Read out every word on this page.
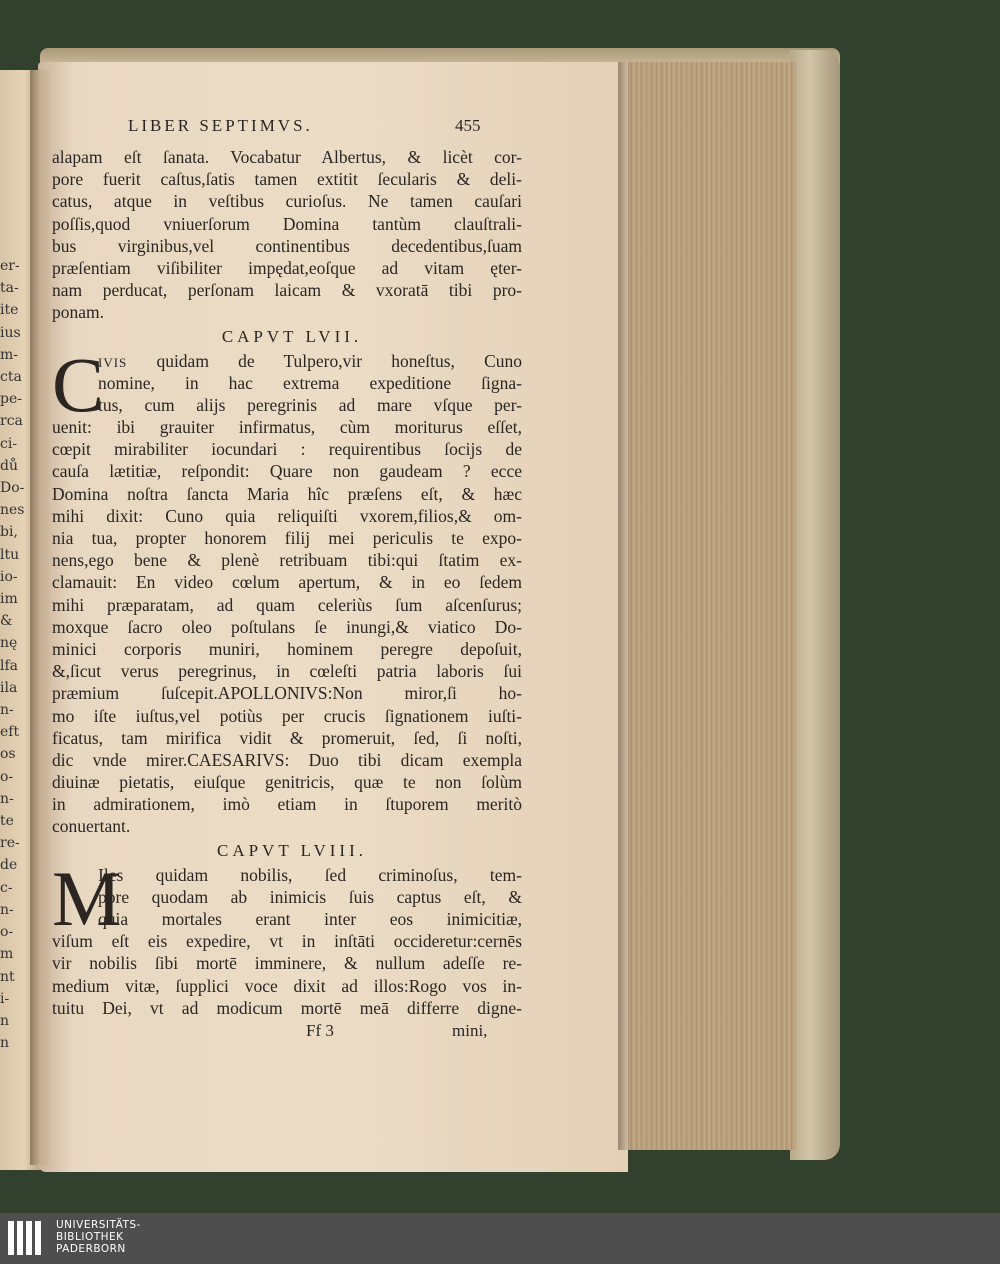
er-
ta-
ite
ius
m-
cta
pe-
rca
ci-
dů
Do-
nes
bi,
ltu
io-
im
&
nę
lfa
ila
n-
eft
os
o-
n-
te
re-
de
c-
n-
o-
m
nt
i-
n
n
LIBER SEPTIMVS.	455
alapam eſt ſanata. Vocabatur Albertus, & licèt cor-
pore fuerit caſtus,ſatis tamen extitit ſecularis & deli-
catus, atque in veſtibus curioſus. Ne tamen cauſari
poſſis,quod vniuerſorum Domina tantùm clauſtrali-
bus virginibus,vel continentibus decedentibus,ſuam
præſentiam viſibiliter impędat,eoſque ad vitam ęter-
nam perducat, perſonam laicam & vxoratā tibi pro-
ponam.
CAPVT LVII.
C
IVIS quidam de Tulpero,vir honeſtus, Cuno
nomine, in hac extrema expeditione ſigna-
tus, cum alijs peregrinis ad mare vſque per-
uenit: ibi grauiter infirmatus, cùm moriturus eſſet,
cœpit mirabiliter iocundari : requirentibus ſocijs de
cauſa lætitiæ, reſpondit: Quare non gaudeam ? ecce
Domina noſtra ſancta Maria hîc præſens eſt, & hæc
mihi dixit: Cuno quia reliquiſti vxorem,filios,& om-
nia tua, propter honorem filij mei periculis te expo-
nens,ego bene & plenè retribuam tibi:qui ſtatim ex-
clamauit: En video cœlum apertum, & in eo ſedem
mihi præparatam, ad quam celeriùs ſum aſcenſurus;
moxque ſacro oleo poſtulans ſe inungi,& viatico Do-
minici corporis muniri, hominem peregre depoſuit,
&,ſicut verus peregrinus, in cœleſti patria laboris ſui
præmium ſuſcepit.APOLLONIVS:Non miror,ſi ho-
mo iſte iuſtus,vel potiùs per crucis ſignationem iuſti-
ficatus, tam mirifica vidit & promeruit, ſed, ſi noſti,
dic vnde mirer.CAESARIVS: Duo tibi dicam exempla
diuinæ pietatis, eiuſque genitricis, quæ te non ſolùm
in admirationem, imò etiam in ſtuporem meritò
conuertant.
CAPVT LVIII.
M
Iles quidam nobilis, ſed criminoſus, tem-
pore quodam ab inimicis ſuis captus eſt, &
quia mortales erant inter eos inimicitiæ,
viſum eſt eis expedire, vt in inſtāti occideretur:cernēs
vir nobilis ſibi mortē imminere, & nullum adeſſe re-
medium vitæ, ſupplici voce dixit ad illos:Rogo vos in-
tuitu Dei, vt ad modicum mortē meā differre digne-
Ff 3	mini,
UNIVERSITÄTS-
BIBLIOTHEK
PADERBORN
